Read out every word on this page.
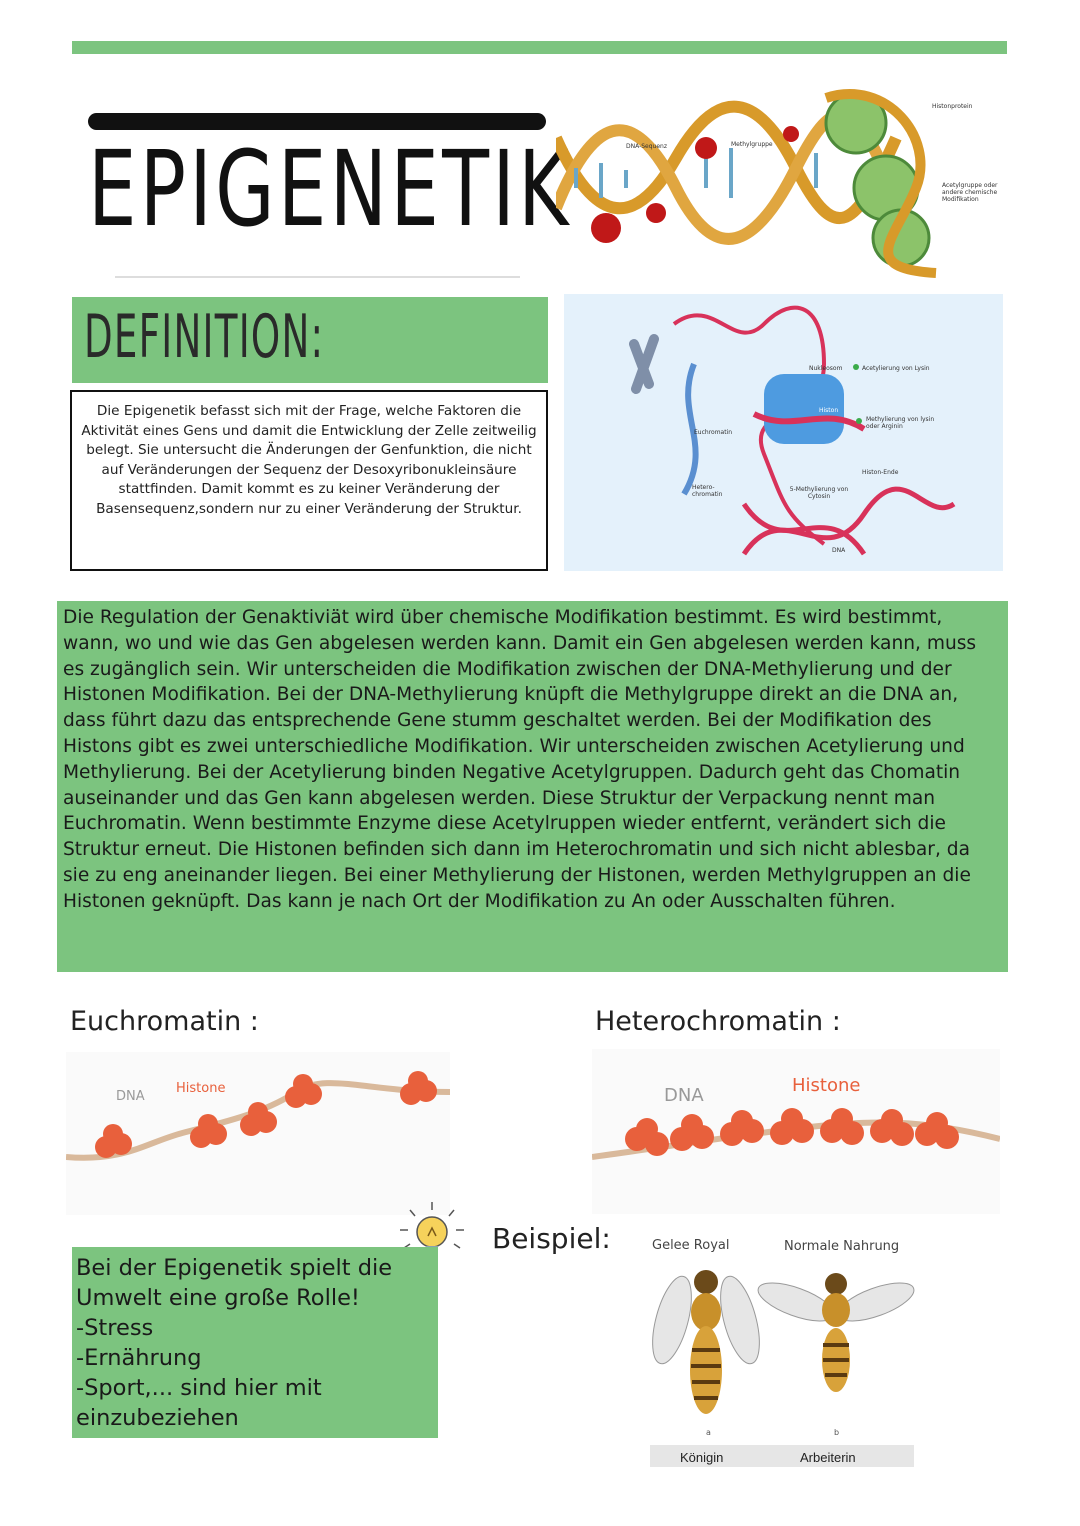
EPIGENETIK	DNA-Sequenz	Methylgruppe
Histonprotein
Acetylgruppe oder andere chemische Modifikation
DEFINITION:
Die Epigenetik befasst sich mit der Frage, welche Faktoren die Aktivität eines Gens und damit die Entwicklung der Zelle zeitweilig belegt. Sie untersucht die Änderungen der Genfunktion, die nicht auf Veränderungen der Sequenz der Desoxyribonukleinsäure stattfinden. Damit kommt es zu keiner Veränderung der Basensequenz,sondern nur zu einer Veränderung der Struktur.
Nukleosom	Acetylierung von Lysin
Histon
Methylierung von lysin oder Arginin
Euchromatin
Hetero-chromatin
Histon-Ende
5-Methylierung von Cytosin
DNA
Die Regulation der Genaktiviät wird über chemische Modifikation bestimmt. Es wird bestimmt, wann, wo und wie das Gen abgelesen werden kann. Damit ein Gen abgelesen werden kann, muss es zugänglich sein. Wir unterscheiden die Modifikation zwischen der DNA-Methylierung und der Histonen Modifikation. Bei der DNA-Methylierung knüpft die Methylgruppe direkt an die DNA an, dass führt dazu das entsprechende Gene stumm geschaltet werden. Bei der Modifikation des Histons gibt es zwei unterschiedliche Modifikation. Wir unterscheiden zwischen Acetylierung und Methylierung. Bei der Acetylierung binden Negative Acetylgruppen. Dadurch geht das Chomatin auseinander und das Gen kann abgelesen werden. Diese Struktur der Verpackung nennt man Euchromatin. Wenn bestimmte Enzyme diese Acetylruppen wieder entfernt, verändert sich die Struktur erneut. Die Histonen befinden sich dann im Heterochromatin und sich nicht ablesbar, da sie zu eng aneinander liegen. Bei einer Methylierung der Histonen, werden Methylgruppen an die Histonen geknüpft. Das kann je nach Ort der Modifikation zu An oder Ausschalten führen.
Euchromatin :	Heterochromatin :
DNA
Histone	DNA	Histone
Bei der Epigenetik spielt die
Umwelt eine große Rolle!
-Stress
-Ernährung
-Sport,... sind hier mit
einzubeziehen
Beispiel:	Gelee Royal	Normale Nahrung
a	b
Königin	Arbeiterin
